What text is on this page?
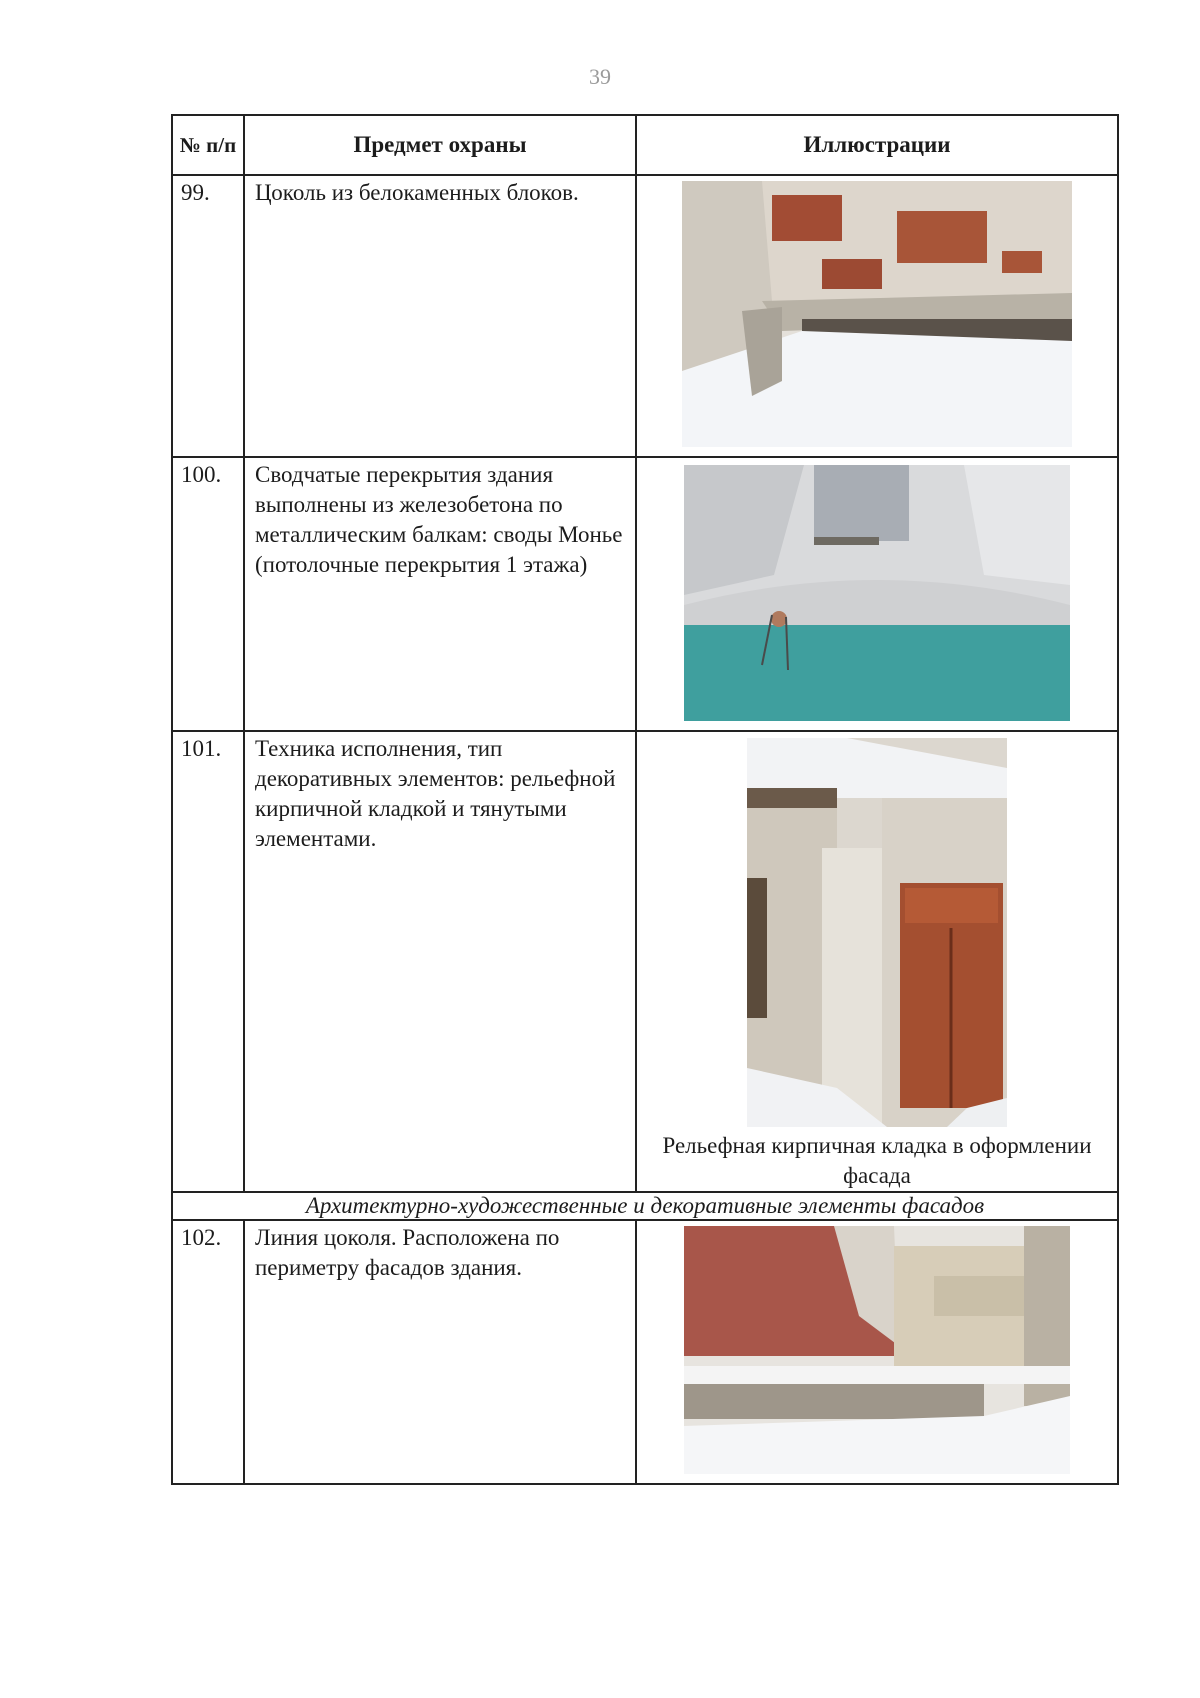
39
№ п/п	Предмет охраны	Иллюстрации
99.	Цоколь из белокаменных блоков.	

100.	Сводчатые перекрытия здания выполнены из железобетона по металлическим балкам: своды Монье (потолочные перекрытия 1 этажа)	

101.	Техника исполнения, тип декоративных элементов: рельефной кирпичной кладкой и тянутыми элементами.	Рельефная кирпичная кладка в оформлении фасада

Архитектурно-художественные и декоративные элементы фасадов		
102.	Линия цоколя. Расположена по периметру фасадов здания.	
